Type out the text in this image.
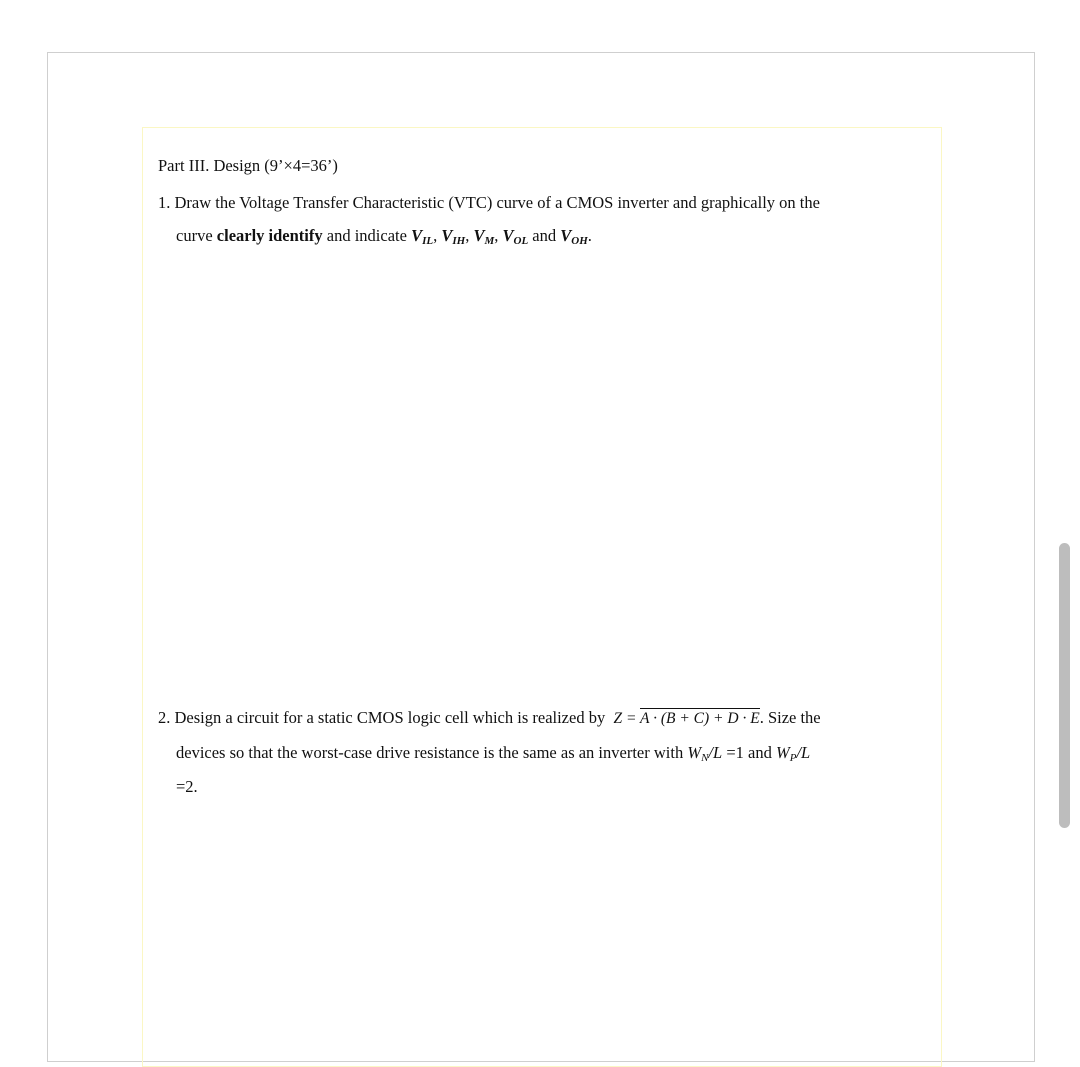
Part III. Design (9’×4=36’)
1. Draw the Voltage Transfer Characteristic (VTC) curve of a CMOS inverter and graphically on the
curve clearly identify and indicate $V_{IL}$, $V_{IH}$, $V_M$, $V_{OL}$ and $V_{OH}$.
2. Design a circuit for a static CMOS logic cell which is realized by Z = A · (B + C) + D · E. Size the
devices so that the worst-case drive resistance is the same as an inverter with $W_N/L =1$ and $W_P/L$
=2.
